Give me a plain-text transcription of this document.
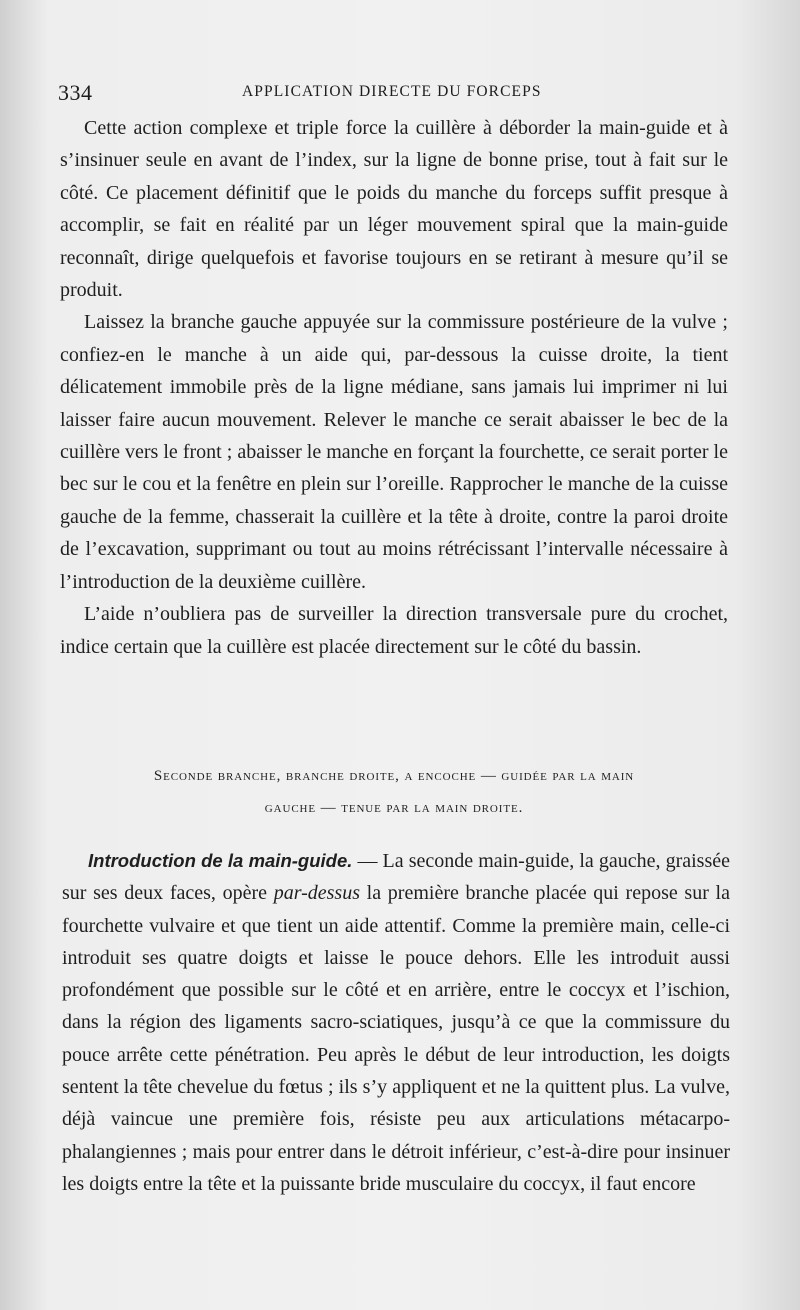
334	APPLICATION DIRECTE DU FORCEPS

Cette action complexe et triple force la cuillère à déborder la main-guide et à s’insinuer seule en avant de l’index, sur la ligne de bonne prise, tout à fait sur le côté. Ce placement définitif que le poids du manche du forceps suffit presque à accomplir, se fait en réalité par un léger mouvement spiral que la main-guide reconnaît, dirige quelquefois et favorise toujours en se retirant à mesure qu’il se produit.

Laissez la branche gauche appuyée sur la commissure postérieure de la vulve ; confiez-en le manche à un aide qui, par-dessous la cuisse droite, la tient délicatement immobile près de la ligne médiane, sans jamais lui imprimer ni lui laisser faire aucun mouvement. Relever le manche ce serait abaisser le bec de la cuillère vers le front ; abaisser le manche en forçant la fourchette, ce serait porter le bec sur le cou et la fenêtre en plein sur l’oreille. Rapprocher le manche de la cuisse gauche de la femme, chasserait la cuillère et la tête à droite, contre la paroi droite de l’excavation, supprimant ou tout au moins rétrécissant l’intervalle nécessaire à l’introduction de la deuxième cuillère.

L’aide n’oubliera pas de surveiller la direction transversale pure du crochet, indice certain que la cuillère est placée directement sur le côté du bassin.

Seconde branche, branche droite, a encoche — guidée par la main
gauche — tenue par la main droite.

Introduction de la main-guide. — La seconde main-guide, la gauche, graissée sur ses deux faces, opère par-dessus la première branche placée qui repose sur la fourchette vulvaire et que tient un aide attentif. Comme la première main, celle-ci introduit ses quatre doigts et laisse le pouce dehors. Elle les introduit aussi profondément que possible sur le côté et en arrière, entre le coccyx et l’ischion, dans la région des ligaments sacro-sciatiques, jusqu’à ce que la commissure du pouce arrête cette pénétration. Peu après le début de leur introduction, les doigts sentent la tête chevelue du fœtus ; ils s’y appliquent et ne la quittent plus. La vulve, déjà vaincue une première fois, résiste peu aux articulations métacarpo-phalangiennes ; mais pour entrer dans le détroit inférieur, c’est-à-dire pour insinuer les doigts entre la tête et la puissante bride musculaire du coccyx, il faut encore
